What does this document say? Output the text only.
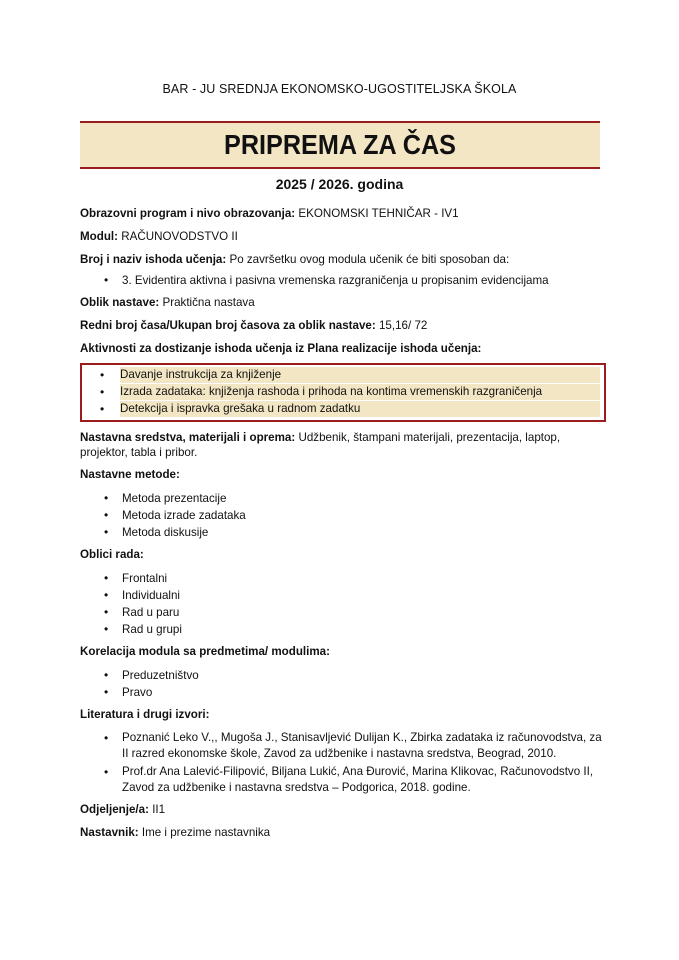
BAR - JU SREDNJA EKONOMSKO-UGOSTITELJSKA ŠKOLA
PRIPREMA ZA ČAS
2025 / 2026. godina
Obrazovni program i nivo obrazovanja: EKONOMSKI TEHNIČAR - IV1
Modul: RAČUNOVODSTVO II
Broj i naziv ishoda učenja: Po završetku ovog modula učenik će biti sposoban da:
• 3. Evidentira aktivna i pasivna vremenska razgraničenja u propisanim evidencijama
Oblik nastave: Praktična nastava
Redni broj časa/Ukupan broj časova za oblik nastave: 15,16/ 72
Aktivnosti za dostizanje ishoda učenja iz Plana realizacije ishoda učenja:
• Davanje instrukcija za knjiženje
• Izrada zadataka: knjiženja rashoda i prihoda na kontima vremenskih razgraničenja
• Detekcija i ispravka grešaka u radnom zadatku
Nastavna sredstva, materijali i oprema: Udžbenik, štampani materijali, prezentacija, laptop, projektor, tabla i pribor.
Nastavne metode:
• Metoda prezentacije
• Metoda izrade zadataka
• Metoda diskusije
Oblici rada:
• Frontalni
• Individualni
• Rad u paru
• Rad u grupi
Korelacija modula sa predmetima/ modulima:
• Preduzetništvo
• Pravo
Literatura i drugi izvori:
• Poznanić Leko V.,, Mugoša J., Stanisavljević Dulijan K., Zbirka zadataka iz računovodstva, za II razred ekonomske škole, Zavod za udžbenike i nastavna sredstva, Beograd, 2010.
• Prof.dr Ana Lalević-Filipović, Biljana Lukić, Ana Đurović, Marina Klikovac, Računovodstvo II, Zavod za udžbenike i nastavna sredstva – Podgorica, 2018. godine.
Odjeljenje/a: II1
Nastavnik: Ime i prezime nastavnika
